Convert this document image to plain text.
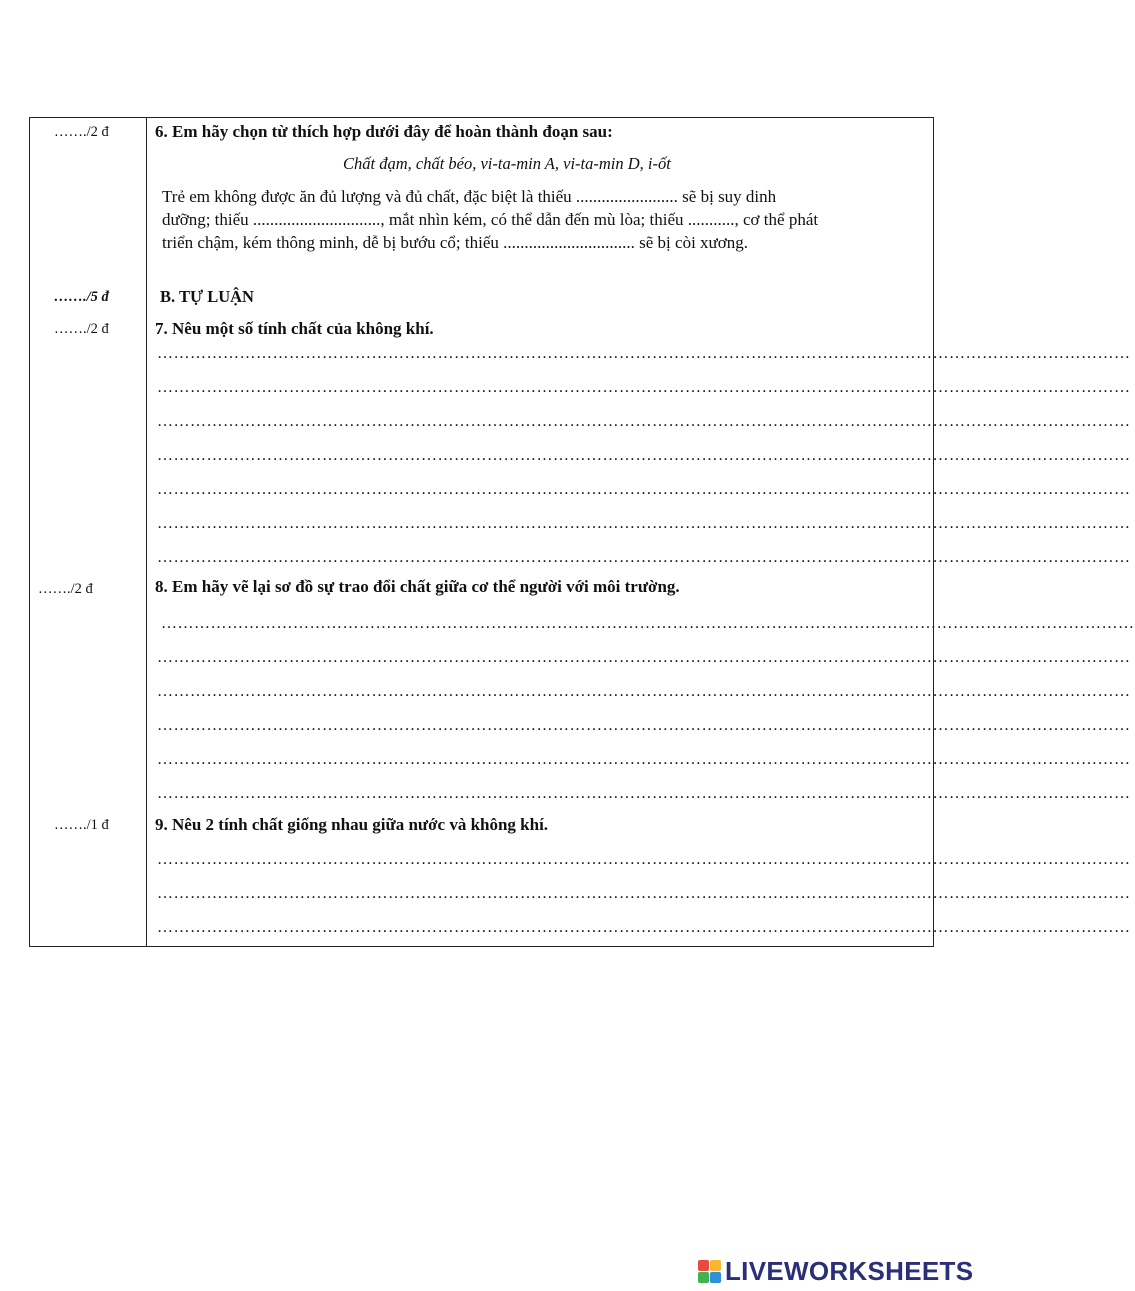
……./2 đ	6. Em hãy chọn từ thích hợp dưới đây để hoàn thành đoạn sau:
Chất đạm, chất béo, vi-ta-min A, vi-ta-min D, i-ốt
Trẻ em không được ăn đủ lượng và đủ chất, đặc biệt là thiếu ........................ sẽ bị suy dinh
dưỡng; thiếu .............................., mắt nhìn kém, có thể dẫn đến mù lòa; thiếu ..........., cơ thể phát
triển chậm, kém thông minh, dễ bị bướu cổ; thiếu ............................... sẽ bị còi xương.
……./5 đ	B. TỰ LUẬN
……./2 đ	7. Nêu một số tính chất của không khí.
……………………………………………………………………………………………………………………………………………………………
……………………………………………………………………………………………………………………………………………………………
……………………………………………………………………………………………………………………………………………………………
……………………………………………………………………………………………………………………………………………………………
……………………………………………………………………………………………………………………………………………………………
……………………………………………………………………………………………………………………………………………………………
……………………………………………………………………………………………………………………………………………………………
……./2 đ	8. Em hãy vẽ lại sơ đồ sự trao đổi chất giữa cơ thể người với môi trường.
……………………………………………………………………………………………………………………………………………………………
……………………………………………………………………………………………………………………………………………………………
……………………………………………………………………………………………………………………………………………………………
……………………………………………………………………………………………………………………………………………………………
……………………………………………………………………………………………………………………………………………………………
……………………………………………………………………………………………………………………………………………………………
……./1 đ	9. Nêu 2 tính chất giống nhau giữa nước và không khí.
……………………………………………………………………………………………………………………………………………………………
……………………………………………………………………………………………………………………………………………………………
……………………………………………………………………………………………………………………………………………………………
LIVEWORKSHEETS
